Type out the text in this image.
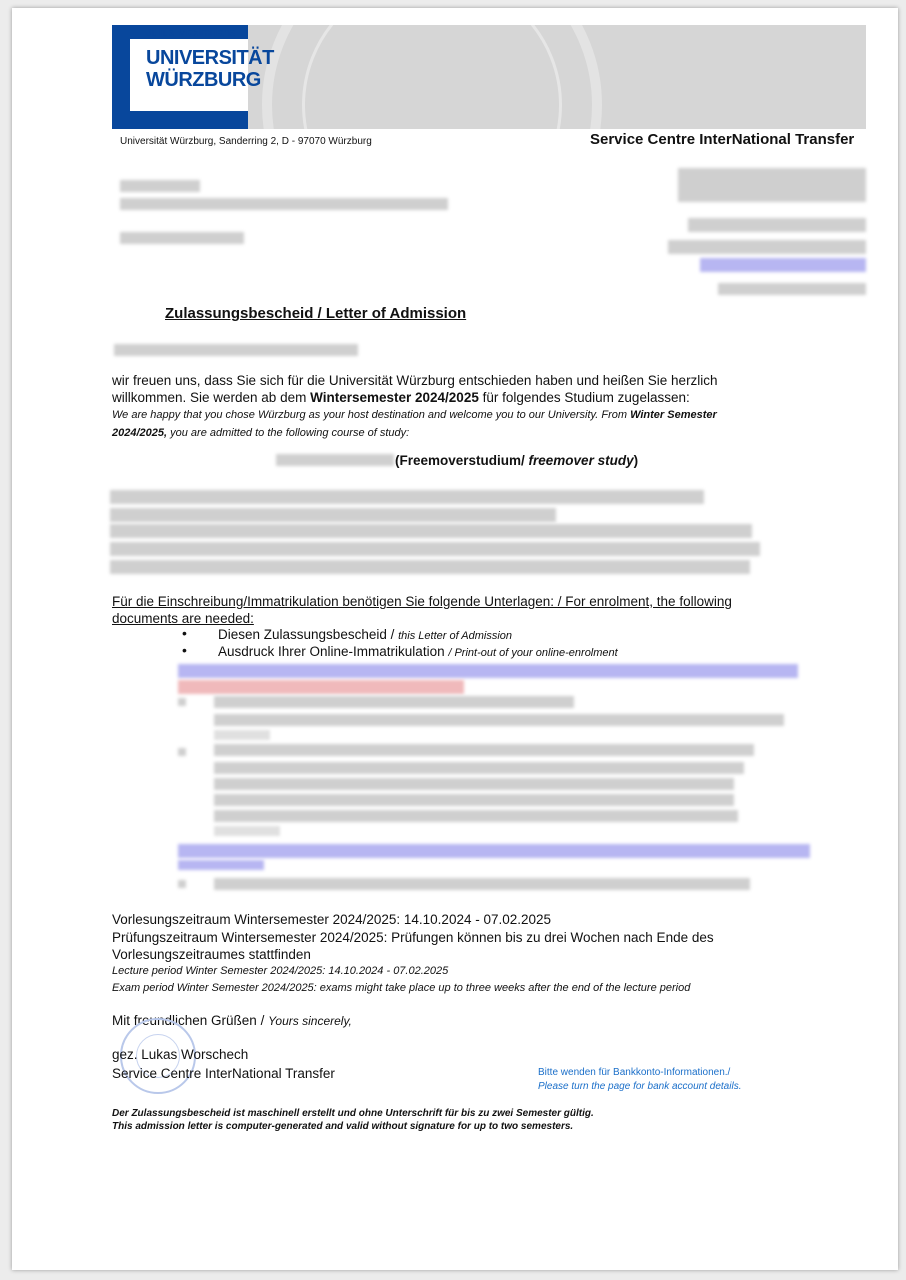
Julius-Maximilians-
UNIVERSITÄT
WÜRZBURG
Universität Würzburg, Sanderring 2, D - 97070 Würzburg	Service Centre InterNational Transfer
Zulassungsbescheid / Letter of Admission
wir freuen uns, dass Sie sich für die Universität Würzburg entschieden haben und heißen Sie herzlich
willkommen. Sie werden ab dem Wintersemester 2024/2025 für folgendes Studium zugelassen:
We are happy that you chose Würzburg as your host destination and welcome you to our University. From Winter Semester
2024/2025, you are admitted to the following course of study:
(Freemoverstudium/ freemover study)
Für die Einschreibung/Immatrikulation benötigen Sie folgende Unterlagen: / For enrolment, the following
documents are needed:
• Diesen Zulassungsbescheid / this Letter of Admission
• Ausdruck Ihrer Online-Immatrikulation / Print-out of your online-enrolment
Vorlesungszeitraum Wintersemester 2024/2025: 14.10.2024 - 07.02.2025
Prüfungszeitraum Wintersemester 2024/2025: Prüfungen können bis zu drei Wochen nach Ende des
Vorlesungszeitraumes stattfinden
Lecture period Winter Semester 2024/2025: 14.10.2024 - 07.02.2025
Exam period Winter Semester 2024/2025: exams might take place up to three weeks after the end of the lecture period
Mit freundlichen Grüßen / Yours sincerely,
gez. Lukas Worschech
Service Centre InterNational Transfer	Bitte wenden für Bankkonto-Informationen./
Please turn the page for bank account details.
Der Zulassungsbescheid ist maschinell erstellt und ohne Unterschrift für bis zu zwei Semester gültig.
This admission letter is computer-generated and valid without signature for up to two semesters.
